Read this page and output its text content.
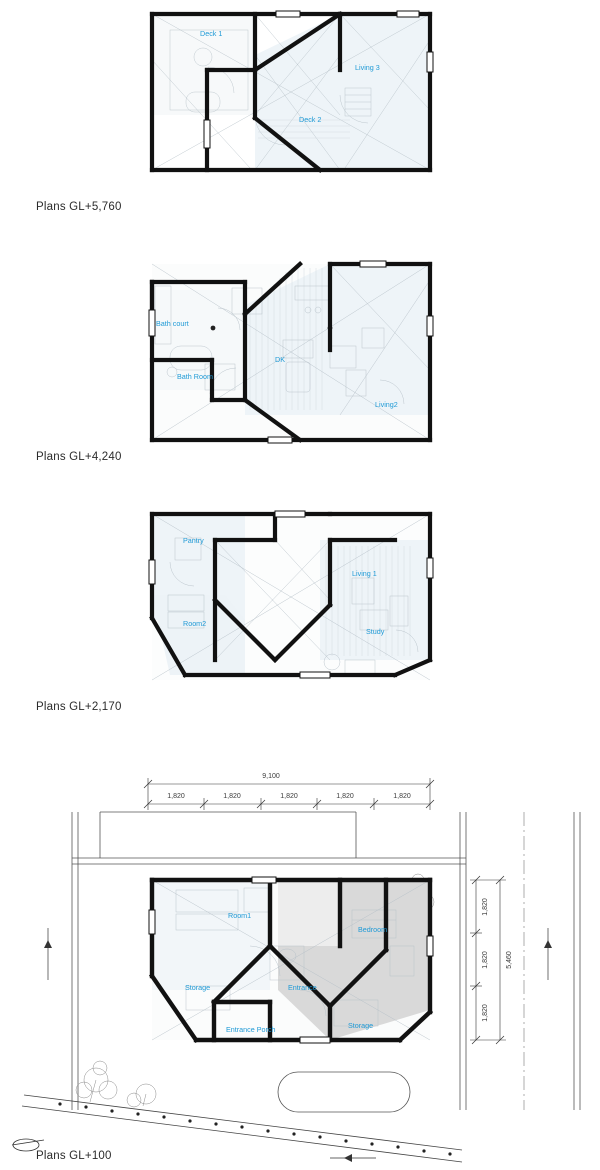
Deck 1
Living 3
Deck 2
Plans GL+5,760
Bath court
Bath Room
DK
Living2
Plans GL+4,240
Pantry
Living 1
Room2
Study
Plans GL+2,170
9,100
1,820	1,820	1,820	1,820	1,820
Room1
Bedroom
Storage	Entrance
Entrance Porch	Storage
1,820
1,820
1,820
5,460
Plans GL+100
